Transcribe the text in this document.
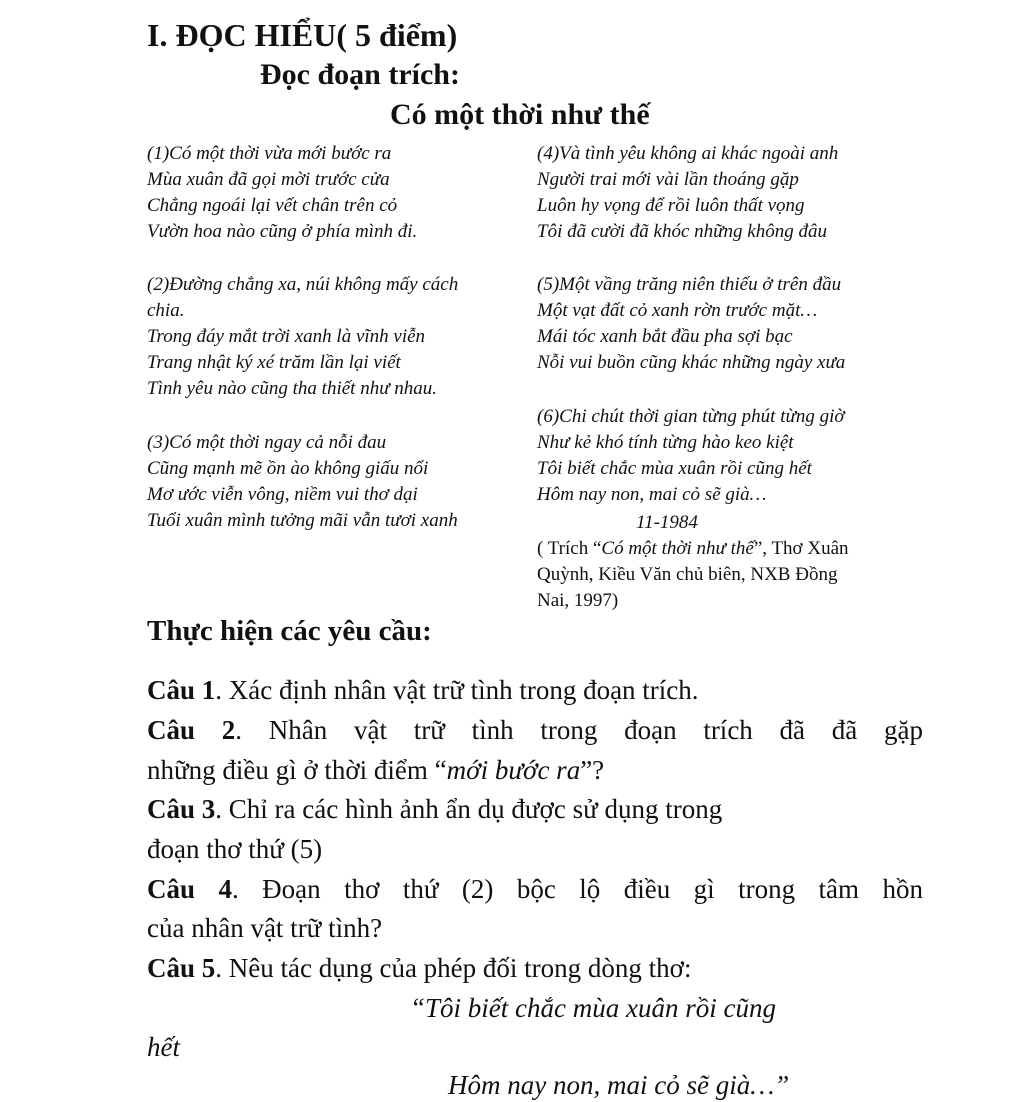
I. ĐỌC HIỂU( 5 điểm)
Đọc đoạn trích:
Có một thời như thế
(1)Có một thời vừa mới bước ra
Mùa xuân đã gọi mời trước cửa
Chẳng ngoái lại vết chân trên cỏ
Vườn hoa nào cũng ở phía mình đi.
(2)Đường chẳng xa, núi không mấy cách
chia.
Trong đáy mắt trời xanh là vĩnh viễn
Trang nhật ký xé trăm lần lại viết
Tình yêu nào cũng tha thiết như nhau.
(3)Có một thời ngay cả nỗi đau
Cũng mạnh mẽ ồn ào không giấu nổi
Mơ ước viễn vông, niềm vui thơ dại
Tuổi xuân mình tưởng mãi vẫn tươi xanh
(4)Và tình yêu không ai khác ngoài anh
Người trai mới vài lần thoáng gặp
Luôn hy vọng để rồi luôn thất vọng
Tôi đã cười đã khóc những không đâu
(5)Một vầng trăng niên thiếu ở trên đầu
Một vạt đất cỏ xanh rờn trước mặt…
Mái tóc xanh bắt đầu pha sợi bạc
Nỗi vui buồn cũng khác những ngày xưa
(6)Chi chút thời gian từng phút từng giờ
Như kẻ khó tính từng hào keo kiệt
Tôi biết chắc mùa xuân rồi cũng hết
Hôm nay non, mai cỏ sẽ già…
11-1984
( Trích “Có một thời như thế”, Thơ Xuân
Quỳnh, Kiều Văn chủ biên, NXB Đồng
Nai, 1997)
Thực hiện các yêu cầu:
Câu 1. Xác định nhân vật trữ tình trong đoạn trích.
Câu 2. Nhân vật trữ tình trong đoạn trích đã đã gặp
những điều gì ở thời điểm “mới bước ra”?
Câu 3. Chỉ ra các hình ảnh ẩn dụ được sử dụng trong
đoạn thơ thứ (5)
Câu 4. Đoạn thơ thứ (2) bộc lộ điều gì trong tâm hồn
của nhân vật trữ tình?
Câu 5. Nêu tác dụng của phép đối trong dòng thơ:
“Tôi biết chắc mùa xuân rồi cũng
hết
Hôm nay non, mai cỏ sẽ già…”
